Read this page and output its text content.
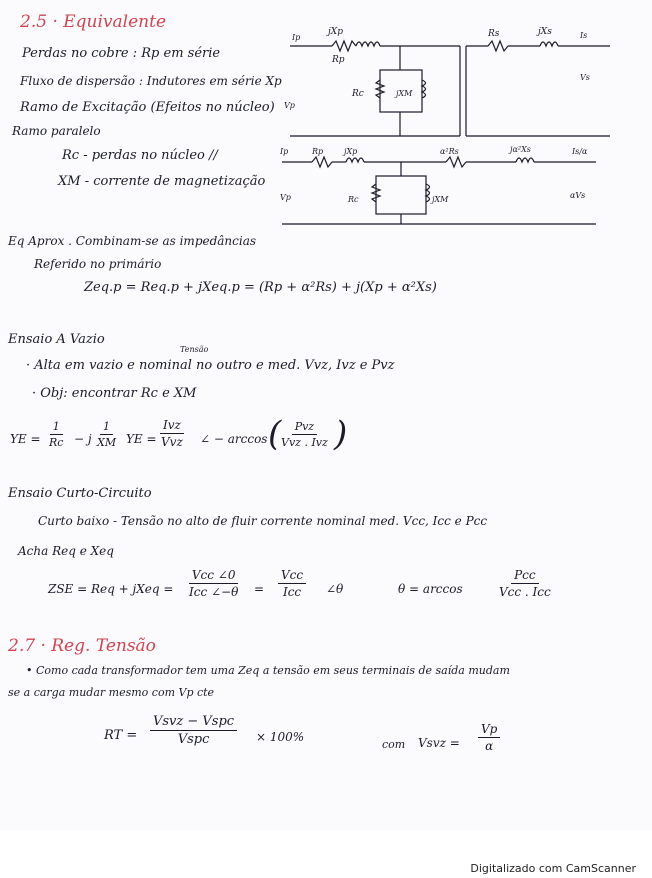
2.5 · Equivalente
Perdas no cobre : Rp em série
Fluxo de dispersão : Indutores em série Xp
Ramo de Excitação (Efeitos no núcleo)
Ramo paralelo
Rc - perdas no núcleo //
XM - corrente de magnetização
jXp
Rp
Rs	jXs
Rc	jXM
Ip	Is
Vp
Vs
Ip	Rp	jXp	α²Rs	jα²Xs	Is/α
Vp	Rc	jXM	αVs
Eq Aprox . Combinam-se as impedâncias
Referido no primário
Zeq.p = Req.p + jXeq.p = (Rp + α²Rs) + j(Xp + α²Xs)
Ensaio A Vazio
Tensão
· Alta em vazio e nominal no outro e med. Vvz, Ivz e Pvz
· Obj: encontrar Rc e XM
YE = $\frac{1}{Rc} - j \frac{1}{XM}$ YE =
Ivz
Vvz ∠ − arccos ( Pvz
Vvz . Ivz )
Ensaio Curto-Circuito
Curto baixo - Tensão no alto de fluir corrente nominal med. Vcc, Icc e Pcc
Acha Req e Xeq
ZSE = Req + jXeq =
Vcc ∠0
Icc ∠−θ =
Vcc
Icc ∠θ	θ = arccos
Pcc
Vcc . Icc
2.7 · Reg. Tensão
• Como cada transformador tem uma Zeq a tensão em seus terminais de saída mudam
se a carga mudar mesmo com Vp cte
RT =
Vsvz − Vspc
Vspc	× 100%
com Vsvz = $\frac{Vp}{\alpha}$
Digitalizado com CamScanner
